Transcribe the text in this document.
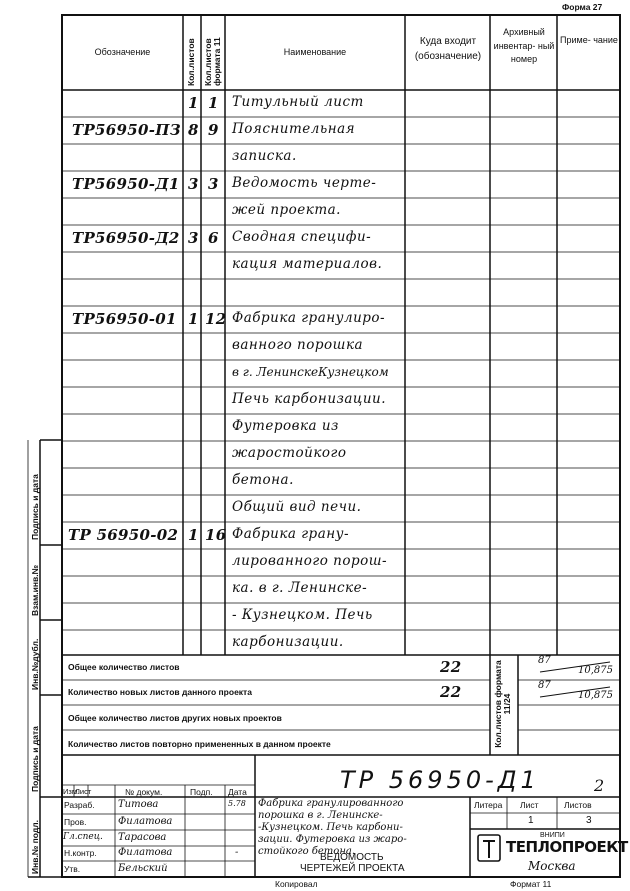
Форма 27
Обозначение	Кол.листов Кол.листов формата 11	Наименование
Куда входит (обозначение)
Архивный инвентар- ный номер
Приме- чание
1 1 Титульный лист
ТР56950-ПЗ 8 9 Пояснительная
записка.
ТР56950-Д1 3 3 Ведомость черте-
жей проекта.
ТР56950-Д2 3 6 Сводная специфи-
кация материалов.
ТР56950-01 1 12 Фабрика гранулиро-
ванного порошка
в г. ЛенинскеКузнецком
Печь карбонизации.
Футеровка из
жаростойкого
бетона.
Общий вид печи.
ТР 56950-02 1 16 Фабрика грану-
лированного порош-
ка. в г. Ленинске-
- Кузнецком. Печь
карбонизации.
Общее количество листов	22	87
10,875
Количество новых листов данного проекта	22	87
10,875
Общее количество листов других новых проектов
Количество листов повторно примененных в данном проекте	Кол.листов формата 11/24
Подпись и дата
Взам.инв.№
Инв.№дубл.
Подпись и дата
Инв.№ подл.
ТР 56950-Д1	2
Изм.
Лист	№ докум.	Подп. Дата
Разраб. Титова	5.78
Пров.	Филатова
Гл.спец. Тарасова
Н.контр. Филатова	-
Утв.	Бельский
Фабрика гранулированного
порошка в г. Ленинске-
-Кузнецком. Печь карбони-
зации. Футеровка из жаро-
стойкого бетона.
ВЕДОМОСТЬ
ЧЕРТЕЖЕЙ ПРОЕКТА
Литера Лист	Листов
1	3
ВНИПИ
ТЕПЛОПРОЕКТ
Москва
Копировал	Формат 11
